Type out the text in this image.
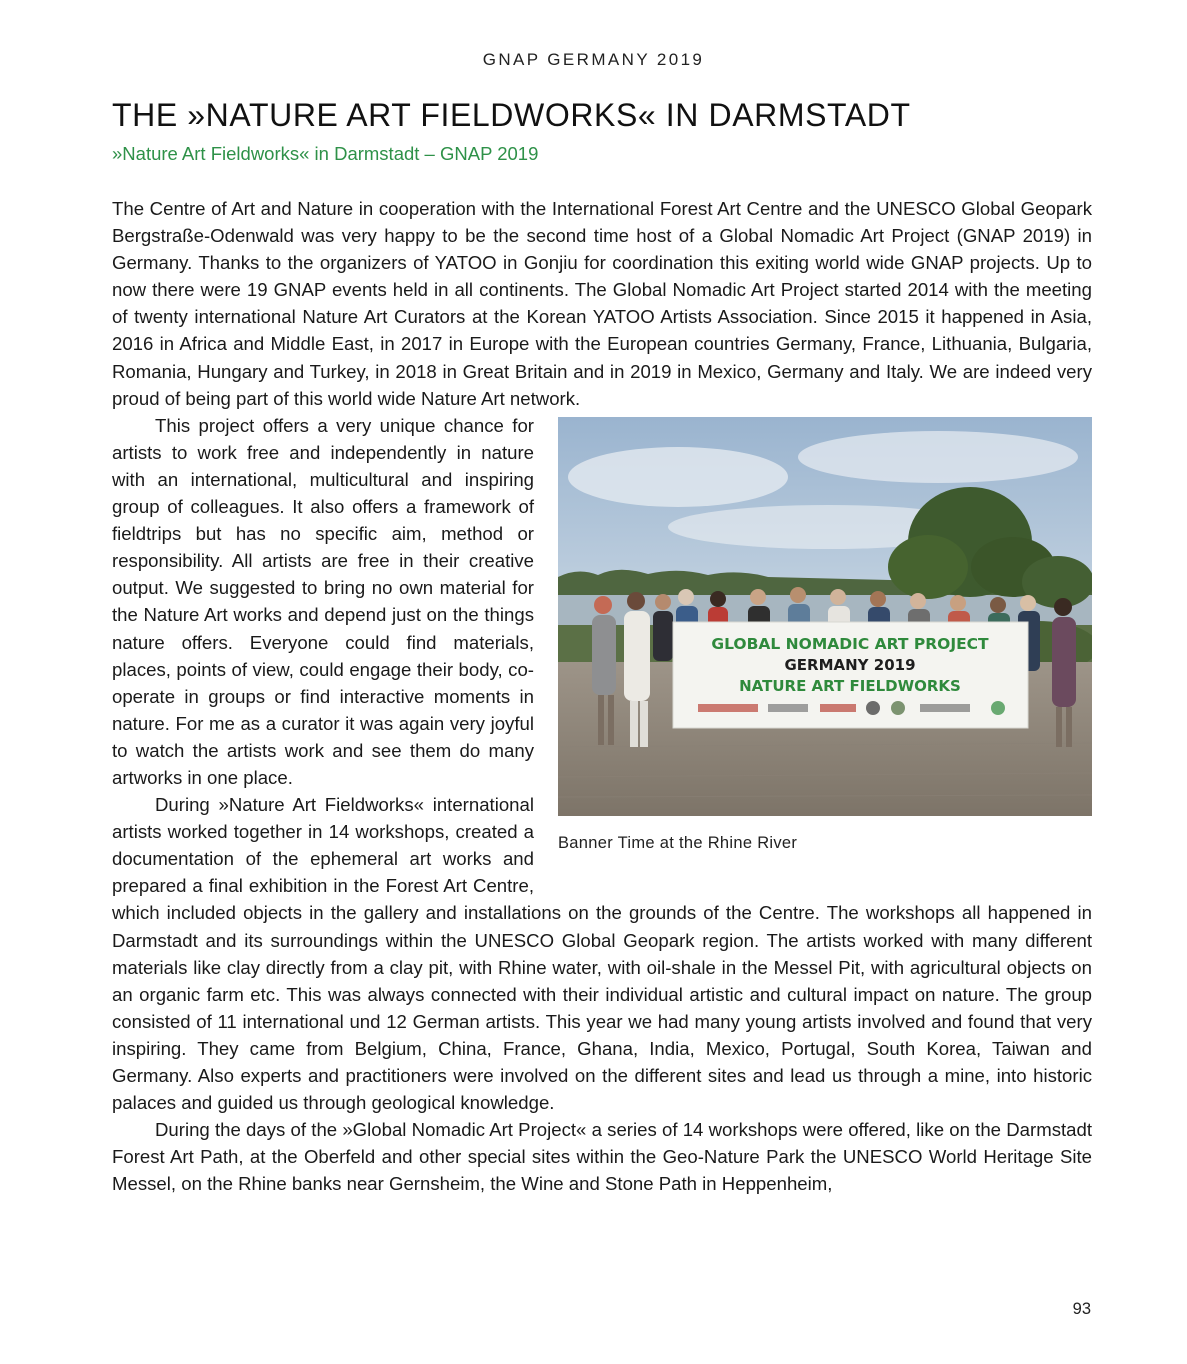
GNAP GERMANY 2019
THE »NATURE ART FIELDWORKS« IN DARMSTADT
»Nature Art Fieldworks« in Darmstadt – GNAP 2019

The Centre of Art and Nature in cooperation with the International Forest Art Centre and the UNESCO Global Geopark Bergstraße-Odenwald was very happy to be the second time host of a Global Nomadic Art Project (GNAP 2019) in Germany. Thanks to the organizers of YATOO in Gonjiu for coordination this exiting world wide GNAP projects. Up to now there were 19 GNAP events held in all continents. The Global Nomadic Art Project started 2014 with the meeting of twenty international Nature Art Curators at the Korean YATOO Artists Association. Since 2015 it happened in Asia, 2016 in Africa and Middle East, in 2017 in Europe with the European countries Germany, France, Lithuania, Bulgaria, Romania, Hungary and Turkey, in 2018 in Great Britain and in 2019 in Mexico, Germany and Italy. We are indeed very proud of being part of this world wide Nature Art network.

GLOBAL NOMADIC ART PROJECT
GERMANY 2019
NATURE ART FIELDWORKS
Banner Time at the Rhine River

This project offers a very unique chance for artists to work free and independently in nature with an international, multicultural and inspiring group of colleagues. It also offers a framework of fieldtrips but has no specific aim, method or responsibility. All artists are free in their creative output. We suggested to bring no own material for the Nature Art works and depend just on the things nature offers. Everyone could find materials, places, points of view, could engage their body, cooperate in groups or find interactive moments in nature. For me as a curator it was again very joyful to watch the artists work and see them do many artworks in one place.

During »Nature Art Fieldworks« international artists worked together in 14 workshops, created a documentation of the ephemeral art works and prepared a final exhibition in the Forest Art Centre, which included objects in the gallery and installations on the grounds of the Centre. The workshops all happened in Darmstadt and its surroundings within the UNESCO Global Geopark region. The artists worked with many different materials like clay directly from a clay pit, with Rhine water, with oil-shale in the Messel Pit, with agricultural objects on an organic farm etc. This was always connected with their individual artistic and cultural impact on nature. The group consisted of 11 international und 12 German artists. This year we had many young artists involved and found that very inspiring. They came from Belgium, China, France, Ghana, India, Mexico, Portugal, South Korea, Taiwan and Germany. Also experts and practitioners were involved on the different sites and lead us through a mine, into historic palaces and guided us through geological knowledge.

During the days of the »Global Nomadic Art Project« a series of 14 workshops were offered, like on the Darmstadt Forest Art Path, at the Oberfeld and other special sites within the Geo-Nature Park the UNESCO World Heritage Site Messel, on the Rhine banks near Gernsheim, the Wine and Stone Path in Heppenheim,

93
